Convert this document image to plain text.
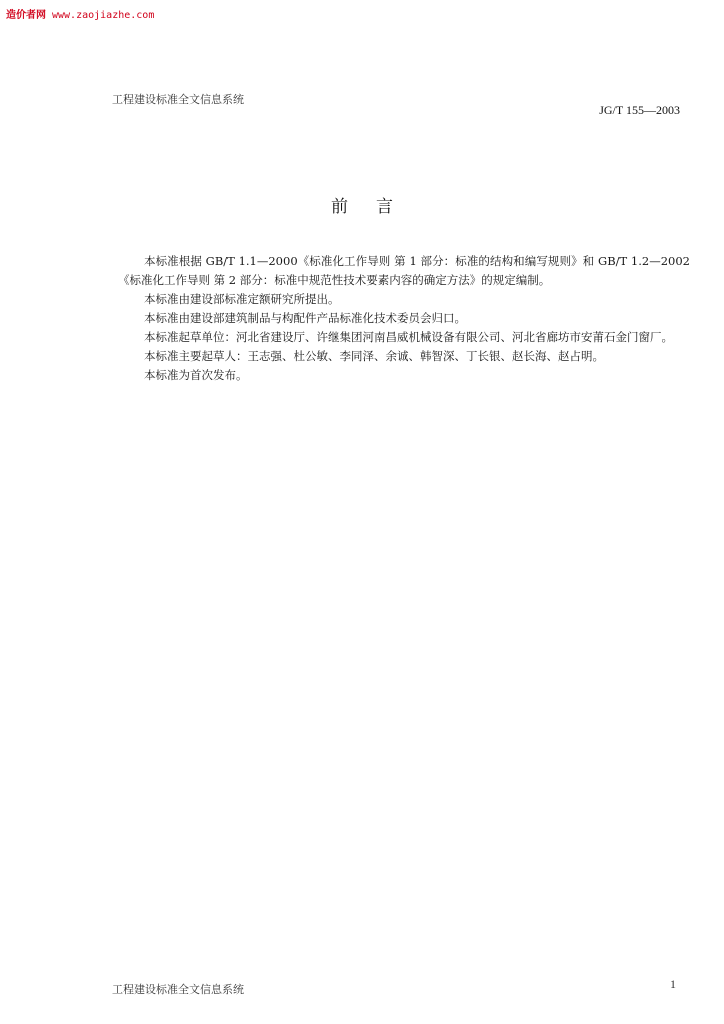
造价者网 www.zaojiazhe.com
工程建设标准全文信息系统
JG/T 155—2003
前言

本标准根据 GB/T 1.1—2000《标准化工作导则 第 1 部分：标准的结构和编写规则》和 GB/T 1.2—2002《标准化工作导则 第 2 部分：标准中规范性技术要素内容的确定方法》的规定编制。

本标准由建设部标准定额研究所提出。

本标准由建设部建筑制品与构配件产品标准化技术委员会归口。

本标准起草单位：河北省建设厅、许继集团河南昌威机械设备有限公司、河北省廊坊市安莆石金门窗厂。

本标准主要起草人：王志强、杜公敏、李同泽、余诚、韩智深、丁长银、赵长海、赵占明。

本标准为首次发布。

工程建设标准全文信息系统	1
